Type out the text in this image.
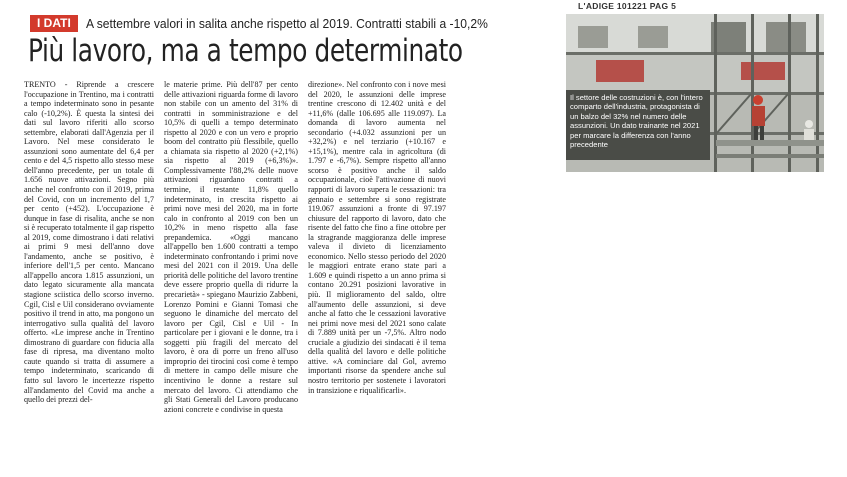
L'ADIGE 101221 PAG 5
I DATI	A settembre valori in salita anche rispetto al 2019. Contratti stabili a -10,2%
Più lavoro, ma a tempo determinato
Il settore delle costruzioni è, con l'intero comparto dell'industria, protagonista di un balzo del 32% nel numero delle assunzioni. Un dato trainante nel 2021 per marcare la differenza con l'anno precedente

TRENTO - Riprende a crescere l'occupazione in Trentino, ma i contratti a tempo indeterminato sono in pesante calo (-10,2%). È questa la sintesi dei dati sul lavoro riferiti allo scorso settembre, elaborati dall'Agenzia per il Lavoro. Nel mese considerato le assunzioni sono aumentate del 6,4 per cento e del 4,5 rispetto allo stesso mese dell'anno precedente, per un totale di 1.656 nuove attivazioni. Segno più anche nel confronto con il 2019, prima del Covid, con un incremento del 1,7 per cento (+452). L'occupazione è dunque in fase di risalita, anche se non si è recuperato totalmente il gap rispetto al 2019, come dimostrano i dati relativi ai primi 9 mesi dell'anno dove l'andamento, anche se positivo, è inferiore dell'1,5 per cento. Mancano all'appello ancora 1.815 assunzioni, un dato legato sicuramente alla mancata stagione sciistica dello scorso inverno. Cgil, Cisl e Uil considerano ovviamente positivo il trend in atto, ma pongono un interrogativo sulla qualità del lavoro offerto. «Le imprese anche in Trentino dimostrano di guardare con fiducia alla fase di ripresa, ma diventano molto caute quando si tratta di assumere a tempo indeterminato, scaricando di fatto sul lavoro le incertezze rispetto all'andamento del Covid ma anche a quello dei prezzi del-

le materie prime. Più dell'87 per cento delle attivazioni riguarda forme di lavoro non stabile con un amento del 31% di contratti in somministrazione e del 10,5% di quelli a tempo determinato rispetto al 2020 e con un vero e proprio boom del contratto più flessibile, quello a chiamata sia rispetto al 2020 (+2,1%) sia rispetto al 2019 (+6,3%)». Complessivamente l'88,2% delle nuove attivazioni riguardano contratti a termine, il restante 11,8% quello indeterminato, in crescita rispetto ai primi nove mesi del 2020, ma in forte calo in confronto al 2019 con ben un 10,2% in meno rispetto alla fase prepandemica. «Oggi mancano all'appello ben 1.600 contratti a tempo indeterminato confrontando i primi nove mesi del 2021 con il 2019. Una delle priorità delle politiche del lavoro trentine deve essere proprio quella di ridurre la precarietà» - spiegano Maurizio Zabbeni, Lorenzo Pomini e Gianni Tomasi che seguono le dinamiche del mercato del lavoro per Cgil, Cisl e Uil - In particolare per i giovani e le donne, tra i soggetti più fragili del mercato del lavoro, è ora di porre un freno all'uso improprio dei tirocini così come è tempo di mettere in campo delle misure che incentivino le donne a restare sul mercato del lavoro. Ci attendiamo che gli Stati Generali del Lavoro producano azioni concrete e condivise in questa

direzione». Nel confronto con i nove mesi del 2020, le assunzioni delle imprese trentine crescono di 12.402 unità e del +11,6% (dalle 106.695 alle 119.097). La domanda di lavoro aumenta nel secondario (+4.032 assunzioni per un +32,2%) e nel terziario (+10.167 e +15,1%), mentre cala in agricoltura (di 1.797 e -6,7%). Sempre rispetto all'anno scorso è positivo anche il saldo occupazionale, cioè l'attivazione di nuovi rapporti di lavoro supera le cessazioni: tra gennaio e settembre si sono registrate 119.067 assunzioni a fronte di 97.197 chiusure del rapporto di lavoro, dato che risente del fatto che fino a fine ottobre per la stragrande maggioranza delle imprese valeva il divieto di licenziamento economico. Nello stesso periodo del 2020 le maggiori entrate erano state pari a 1.609 e quindi rispetto a un anno prima si contano 20.291 posizioni lavorative in più. Il miglioramento del saldo, oltre all'aumento delle assunzioni, si deve anche al fatto che le cessazioni lavorative nei primi nove mesi del 2021 sono calate di 7.889 unità per un -7,5%. Altro nodo cruciale a giudizio dei sindacati è il tema della qualità del lavoro e delle politiche attive. «A cominciare dal Gol, avremo importanti risorse da spendere anche sul nostro territorio per sostenete i lavoratori in transizione e riqualificarli».
